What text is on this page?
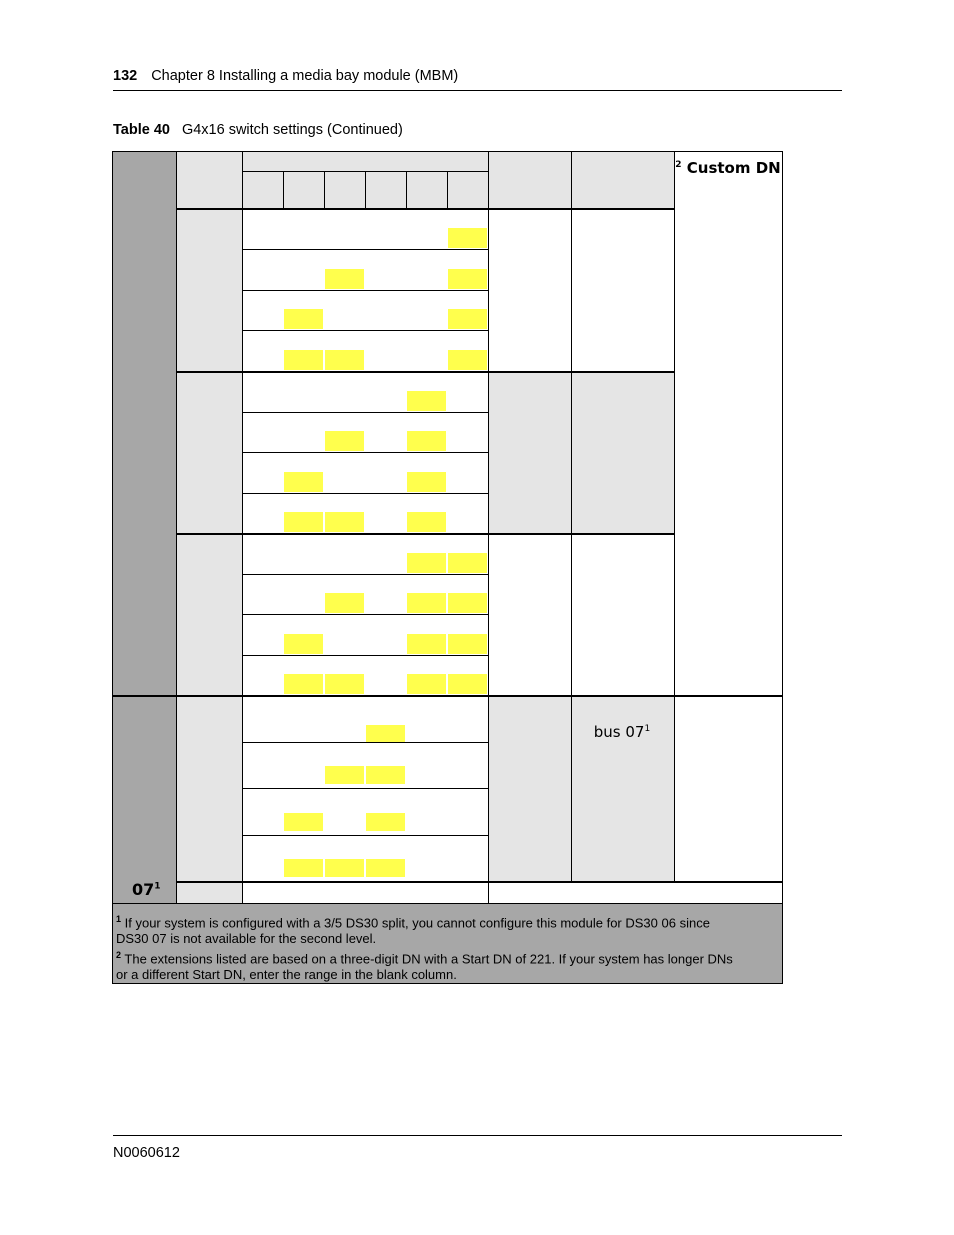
132 Chapter 8 Installing a media bay module (MBM)
Table 40 G4x16 switch settings (Continued)
$^2$ Custom DN
bus $07^1$
$07^1$
$^1$ If your system is configured with a 3/5 DS30 split, you cannot configure this module for DS30 06 since
DS30 07 is not available for the second level.
$^2$ The extensions listed are based on a three-digit DN with a Start DN of 221. If your system has longer DNs
or a different Start DN, enter the range in the blank column.
N0060612
